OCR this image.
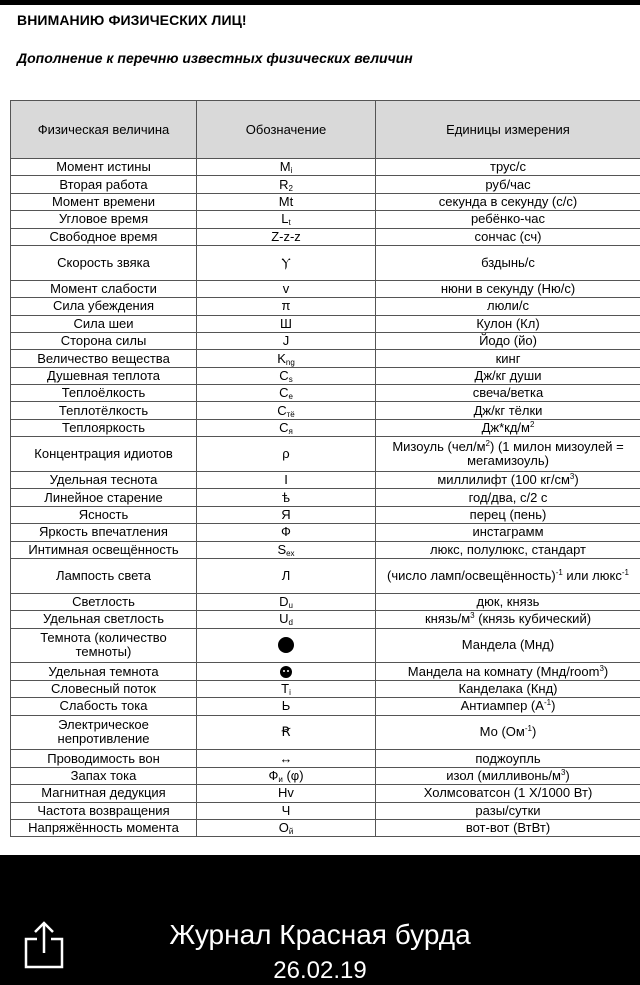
ВНИМАНИЮ ФИЗИЧЕСКИХ ЛИЦ!
Дополнение к перечню известных физических величин
Физическая величина	Обозначение	Единицы измерения
Момент истины	$M_i$	трус/с
Вторая работа	$R_2$	руб/час
Момент времени	Mt	секунда в секунду (с/с)
Угловое время	$L_t$	ребёнко-час
Свободное время	Z-z-z	сончас (сч)
Скорость звяка	Ⲩ	бздынь/с
Момент слабости	v	нюни в секунду (Ню/с)
Сила убеждения	π	люли/с
Сила шеи	Ш	Кулон (Кл)
Сторона силы	J	Йодо (йо)
Величество вещества	$K_{ng}$	кинг
Душевная теплота	$C_s$	Дж/кг души
Теплоёлкость	$C_e$	свеча/ветка
Теплотёлкость	$C_{тё}$	Дж/кг тёлки
Теплояркость	$C_я$	$Дж*кд/м^2$
Концентрация идиотов	ρ	Мизоуль $(чел/м^2)$ (1 милон мизоулей = мегамизоуль)
Удельная теснота	I	миллилифт (100 $кг/см^3$)
Линейное старение	ѣ	год/два, с/2 с
Ясность	Я	перец (пень)
Яркость впечатления	Ф	инстаграмм
Интимная освещённость	$S_{ex}$	люкс, полулюкс, стандарт
Лампость света	Л	(число ламп/освещённость)$^{-1}$ или люкс$^{-1}$
Светлость	$D_u$	дюк, князь
Удельная светлость	$U_d$	князь/$м^3$ (князь кубический)
Темнота (количество темноты)		Мандела (Мнд)
Удельная темнота		Мандела на комнату (Мнд/room$^3$)
Словесный поток	$T_i$	Канделака (Кнд)
Слабость тока	Ь	Антиампер $(A^{-1})$
Электрическое непротивление	Ꞧ	Мо $(Ом^{-1})$
Проводимость вон	↔	поджоупль
Запах тока	$Ф_и$ (φ)	изол $(милливонь/м^3)$
Магнитная дедукция	Hv	Холмсоватсон (1 Х/1000 Вт)
Частота возвращения	Ч	разы/сутки
Напряжённость момента	$O_й$	вот-вот (ВтВт)
Журнал Красная бурда
26.02.19
